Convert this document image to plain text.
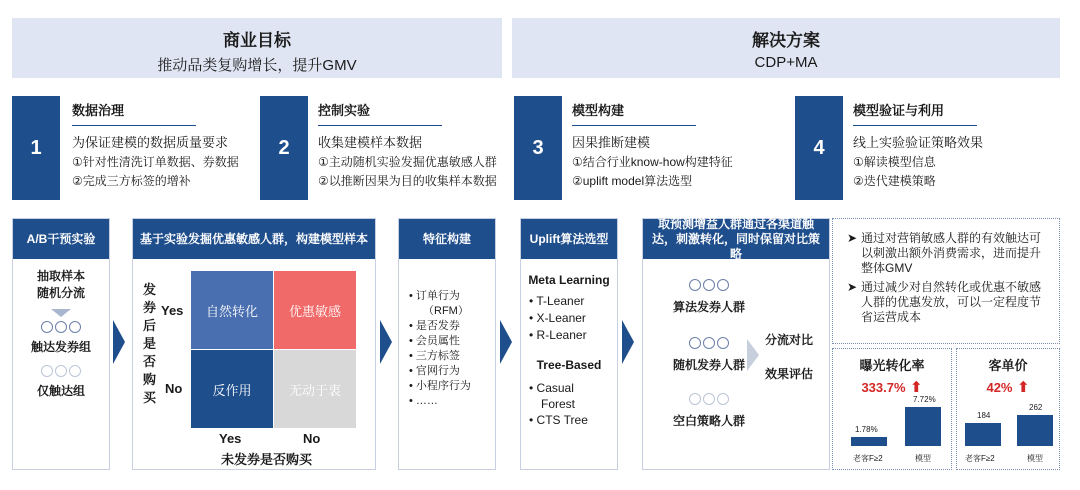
商业目标
推动品类复购增长，提升GMV
解决方案
CDP+MA
1
数据治理
为保证建模的数据质量要求
①针对性清洗订单数据、券数据
②完成三方标签的增补
2
控制实验
收集建模样本数据
①主动随机实验发掘优惠敏感人群
②以推断因果为目的收集样本数据
3
模型构建
因果推断建模
①结合行业know-how构建特征
②uplift model算法选型
4
模型验证与利用
线上实验验证策略效果
①解读模型信息
②迭代建模策略
A/B干预实验
抽取样本
随机分流
触达发券组
仅触达组
基于实验发掘优惠敏感人群，构建模型样本
发
券
后
是
否
购
买
Yes
No
自然转化	优惠敏感
反作用	无动于衷
Yes	No
未发券是否购买
特征构建
• 订单行为
（RFM）
• 是否发券
• 会员属性
• 三方标签
• 官网行为
• 小程序行为
• ……
Uplift算法选型
Meta Learning
• T-Leaner
• X-Leaner
• R-Leaner
Tree-Based
• Casual
Forest
• CTS Tree
取预测增益人群通过各渠道触达，刺激转化，同时保留对比策略
算法发券人群
随机发券人群
空白策略人群
分流对比
效果评估
➤ 通过对营销敏感人群的有效触达可以刺激出额外消费需求，进而提升整体GMV
➤ 通过减少对自然转化或优惠不敏感人群的优惠发放，可以一定程度节省运营成本
曝光转化率
333.7% ⬆
1.78%
7.72%
老客F≥2	模型
客单价
42% ⬆
184
262
老客F≥2	模型
